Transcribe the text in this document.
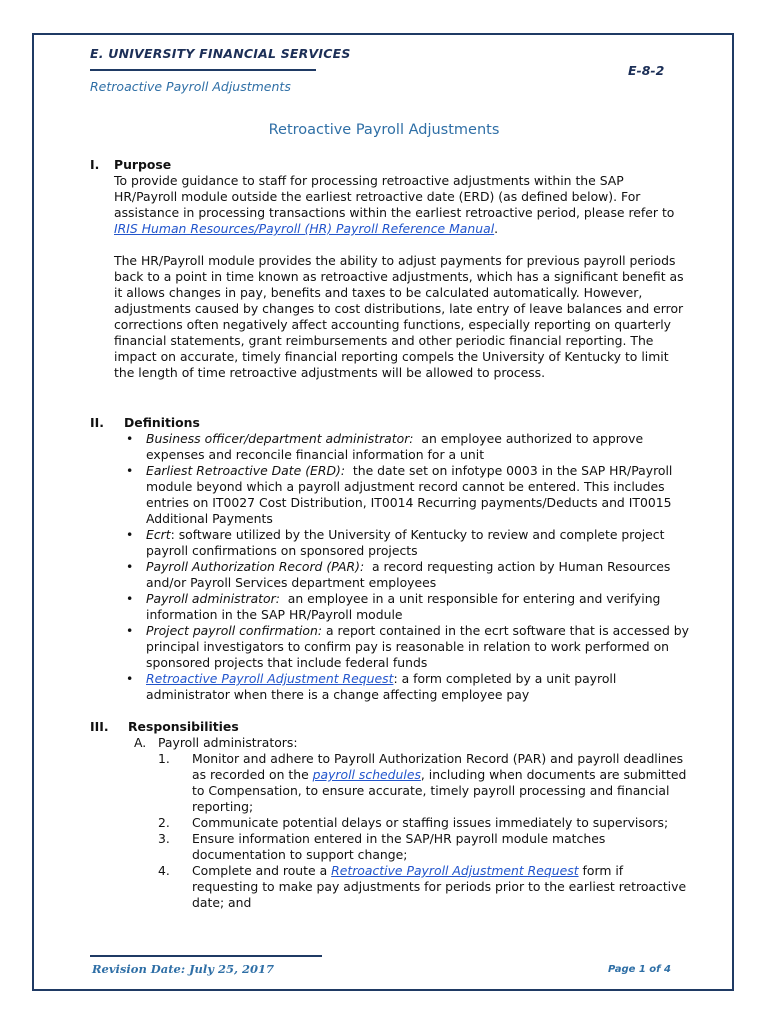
E. UNIVERSITY FINANCIAL SERVICES
Retroactive Payroll Adjustments
E-8-2
Retroactive Payroll Adjustments
I. Purpose
To provide guidance to staff for processing retroactive adjustments within the SAP HR/Payroll module outside the earliest retroactive date (ERD) (as defined below). For assistance in processing transactions within the earliest retroactive period, please refer to IRIS Human Resources/Payroll (HR) Payroll Reference Manual.
The HR/Payroll module provides the ability to adjust payments for previous payroll periods back to a point in time known as retroactive adjustments, which has a significant benefit as it allows changes in pay, benefits and taxes to be calculated automatically. However, adjustments caused by changes to cost distributions, late entry of leave balances and error corrections often negatively affect accounting functions, especially reporting on quarterly financial statements, grant reimbursements and other periodic financial reporting. The impact on accurate, timely financial reporting compels the University of Kentucky to limit the length of time retroactive adjustments will be allowed to process.
II. Definitions
• Business officer/department administrator:  an employee authorized to approve expenses and reconcile financial information for a unit
• Earliest Retroactive Date (ERD):  the date set on infotype 0003 in the SAP HR/Payroll module beyond which a payroll adjustment record cannot be entered. This includes entries on IT0027 Cost Distribution, IT0014 Recurring payments/Deducts and IT0015 Additional Payments
• Ecrt: software utilized by the University of Kentucky to review and complete project payroll confirmations on sponsored projects
• Payroll Authorization Record (PAR):  a record requesting action by Human Resources and/or Payroll Services department employees
• Payroll administrator:  an employee in a unit responsible for entering and verifying information in the SAP HR/Payroll module
• Project payroll confirmation: a report contained in the ecrt software that is accessed by principal investigators to confirm pay is reasonable in relation to work performed on sponsored projects that include federal funds
• Retroactive Payroll Adjustment Request: a form completed by a unit payroll administrator when there is a change affecting employee pay
III. Responsibilities
A. Payroll administrators:
1. Monitor and adhere to Payroll Authorization Record (PAR) and payroll deadlines as recorded on the payroll schedules, including when documents are submitted to Compensation, to ensure accurate, timely payroll processing and financial reporting;
2. Communicate potential delays or staffing issues immediately to supervisors;
3. Ensure information entered in the SAP/HR payroll module matches documentation to support change;
4. Complete and route a Retroactive Payroll Adjustment Request form if requesting to make pay adjustments for periods prior to the earliest retroactive date; and
Revision Date: July 25, 2017	Page 1 of 4
